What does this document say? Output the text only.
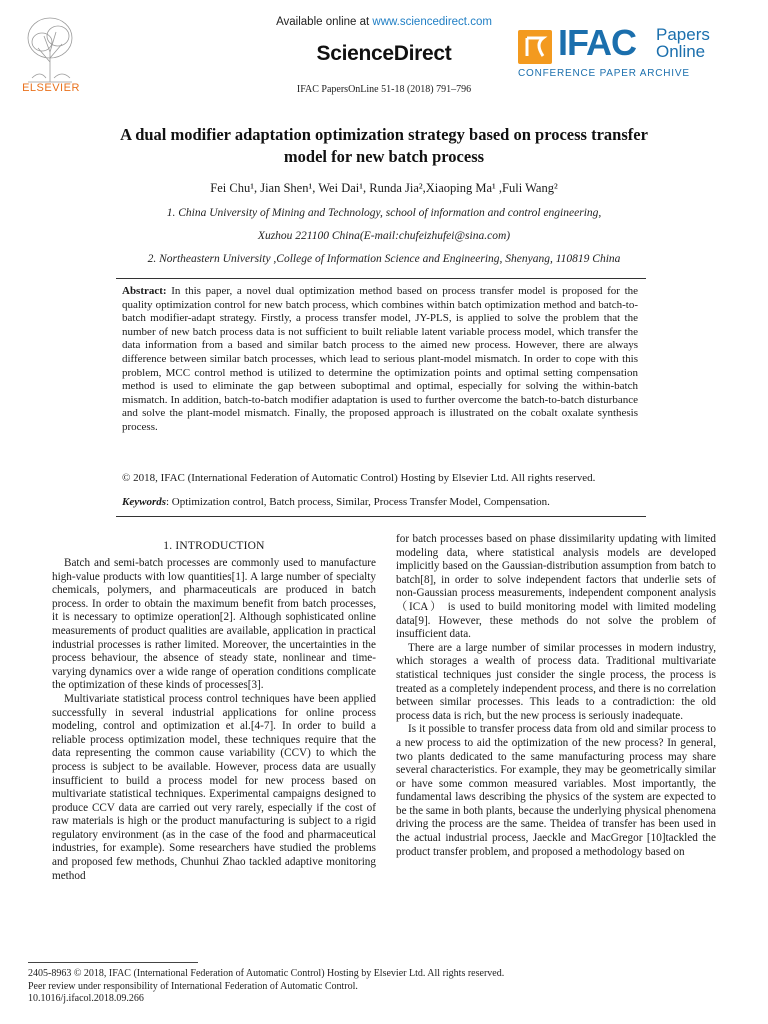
ELSEVIER
Available online at www.sciencedirect.com
ScienceDirect
IFAC PapersOnLine 51-18 (2018) 791–796
IFAC Papers
Online
CONFERENCE PAPER ARCHIVE
A dual modifier adaptation optimization strategy based on process transfer
model for new batch process
Fei Chu¹, Jian Shen¹, Wei Dai¹, Runda Jia²,Xiaoping Ma¹ ,Fuli Wang²
1. China University of Mining and Technology, school of information and control engineering,
Xuzhou 221100 China(E-mail:chufeizhufei@sina.com)
2. Northeastern University ,College of Information Science and Engineering, Shenyang, 110819 China
Abstract: In this paper, a novel dual optimization method based on process transfer model is proposed for the quality optimization control for new batch process, which combines within batch optimization method and batch-to-batch modifier-adapt strategy. Firstly, a process transfer model, JY-PLS, is applied to solve the problem that the number of new batch process data is not sufficient to built reliable latent variable process model, which transfer the data information from a based and similar batch process to the aimed new process. However, there are always difference between similar batch processes, which lead to serious plant-model mismatch. In order to cope with this problem, MCC control method is utilized to determine the optimization points and optimal setting compensation method is used to eliminate the gap between suboptimal and optimal, especially for solving the within-batch mismatch. In addition, batch-to-batch modifier adaptation is used to further overcome the batch-to-batch disturbance and solve the plant-model mismatch. Finally, the proposed approach is illustrated on the cobalt oxalate synthesis process.
© 2018, IFAC (International Federation of Automatic Control) Hosting by Elsevier Ltd. All rights reserved.
Keywords: Optimization control, Batch process, Similar, Process Transfer Model, Compensation.
1. INTRODUCTION

Batch and semi-batch processes are commonly used to manufacture high-value products with low quantities[1]. A large number of specialty chemicals, polymers, and pharmaceuticals are produced in batch process. In order to obtain the maximum benefit from batch processes, it is necessary to optimize operation[2]. Although sophisticated online measurements of product qualities are available, application in practical industrial processes is rather limited. Moreover, the uncertainties in the process behaviour, the absence of steady state, nonlinear and time-varying dynamics over a wide range of operation conditions complicate the optimization of these kinds of processes[3].

Multivariate statistical process control techniques have been applied successfully in several industrial applications for online process modeling, control and optimization et al.[4-7]. In order to build a reliable process optimization model, these techniques require that the data representing the common cause variability (CCV) to which the process is subject to be available. However, process data are usually insufficient to build a process model for new process based on multivariate statistical techniques. Experimental campaigns designed to produce CCV data are carried out very rarely, especially if the cost of raw materials is high or the product manufacturing is subject to a rigid regulatory environment (as in the case of the food and pharmaceutical industries, for example). Some researchers have studied the problems and proposed few methods, Chunhui Zhao tackled adaptive monitoring method

for batch processes based on phase dissimilarity updating with limited modeling data, where statistical analysis models are developed implicitly based on the Gaussian-distribution assumption from batch to batch[8], in order to solve independent factors that underlie sets of non-Gaussian process measurements, independent component analysis （ICA） is used to build monitoring model with limited modeling data[9]. However, these methods do not solve the problem of insufficient data.

There are a large number of similar processes in modern industry, which storages a wealth of process data. Traditional multivariate statistical techniques just consider the single process, the process is treated as a completely independent process, and there is no correlation between similar processes. This leads to a contradiction: the old process data is rich, but the new process is seriously inadequate.

Is it possible to transfer process data from old and similar process to a new process to aid the optimization of the new process? In general, two plants dedicated to the same manufacturing process may share several characteristics. For example, they may be geometrically similar or have some common measured variables. Most importantly, the fundamental laws describing the physics of the system are expected to be the same in both plants, because the underlying physical phenomena driving the process are the same. Theidea of transfer has been used in the actual industrial process, Jaeckle and MacGregor [10]tackled the product transfer problem, and proposed a methodology based on

2405-8963 © 2018, IFAC (International Federation of Automatic Control) Hosting by Elsevier Ltd. All rights reserved.
Peer review under responsibility of International Federation of Automatic Control.
10.1016/j.ifacol.2018.09.266
